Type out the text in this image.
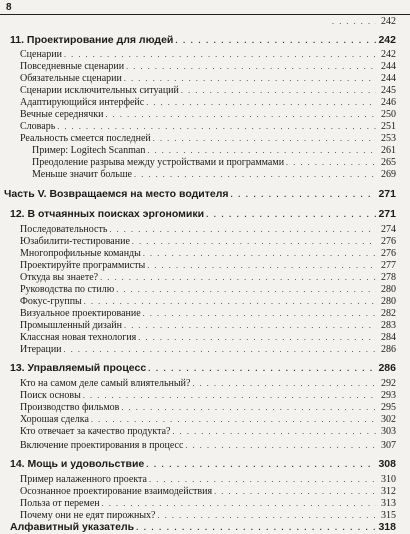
8
. . .
242
11. Проектирование для людей . . .	242
Сценарии . . .	242
Повседневные сценарии . . .	244
Обязательные сценарии . . .	244
Сценарии исключительных ситуаций . . .	245
Адаптирующийся интерфейс . . .	246
Вечные середнячки . . .	250
Словарь . . .	251
Реальность смеется последней . . .	253
Пример: Logitech Scanman . . .	261
Преодоление разрыва между устройствами и программами . . .	265
Меньше значит больше . . .	269
Часть V. Возвращаемся на место водителя . . .	271
12. В отчаянных поисках эргономики . . .	271
Последовательность . . .	274
Юзабилити-тестирование . . .	276
Многопрофильные команды . . .	276
Проектируйте программисты . . .	277
Откуда вы знаете? . . .	278
Руководства по стилю . . .	280
Фокус-группы . . .	280
Визуальное проектирование . . .	282
Промышленный дизайн . . .	283
Классная новая технология . . .	284
Итерации . . .	286
13. Управляемый процесс . . .	286
Кто на самом деле самый влиятельный? . . .	292
Поиск основы . . .	293
Производство фильмов . . .	295
Хорошая сделка . . .	302
Кто отвечает за качество продукта? . . .	303
Включение проектирования в процесс . . .	307
14. Мощь и удовольствие . . .	308
Пример налаженного проекта . . .	310
Осознанное проектирование взаимодействия . . .	312
Польза от перемен . . .	313
Почему они не едят пирожных? . . .	315
Алфавитный указатель . . .	318
